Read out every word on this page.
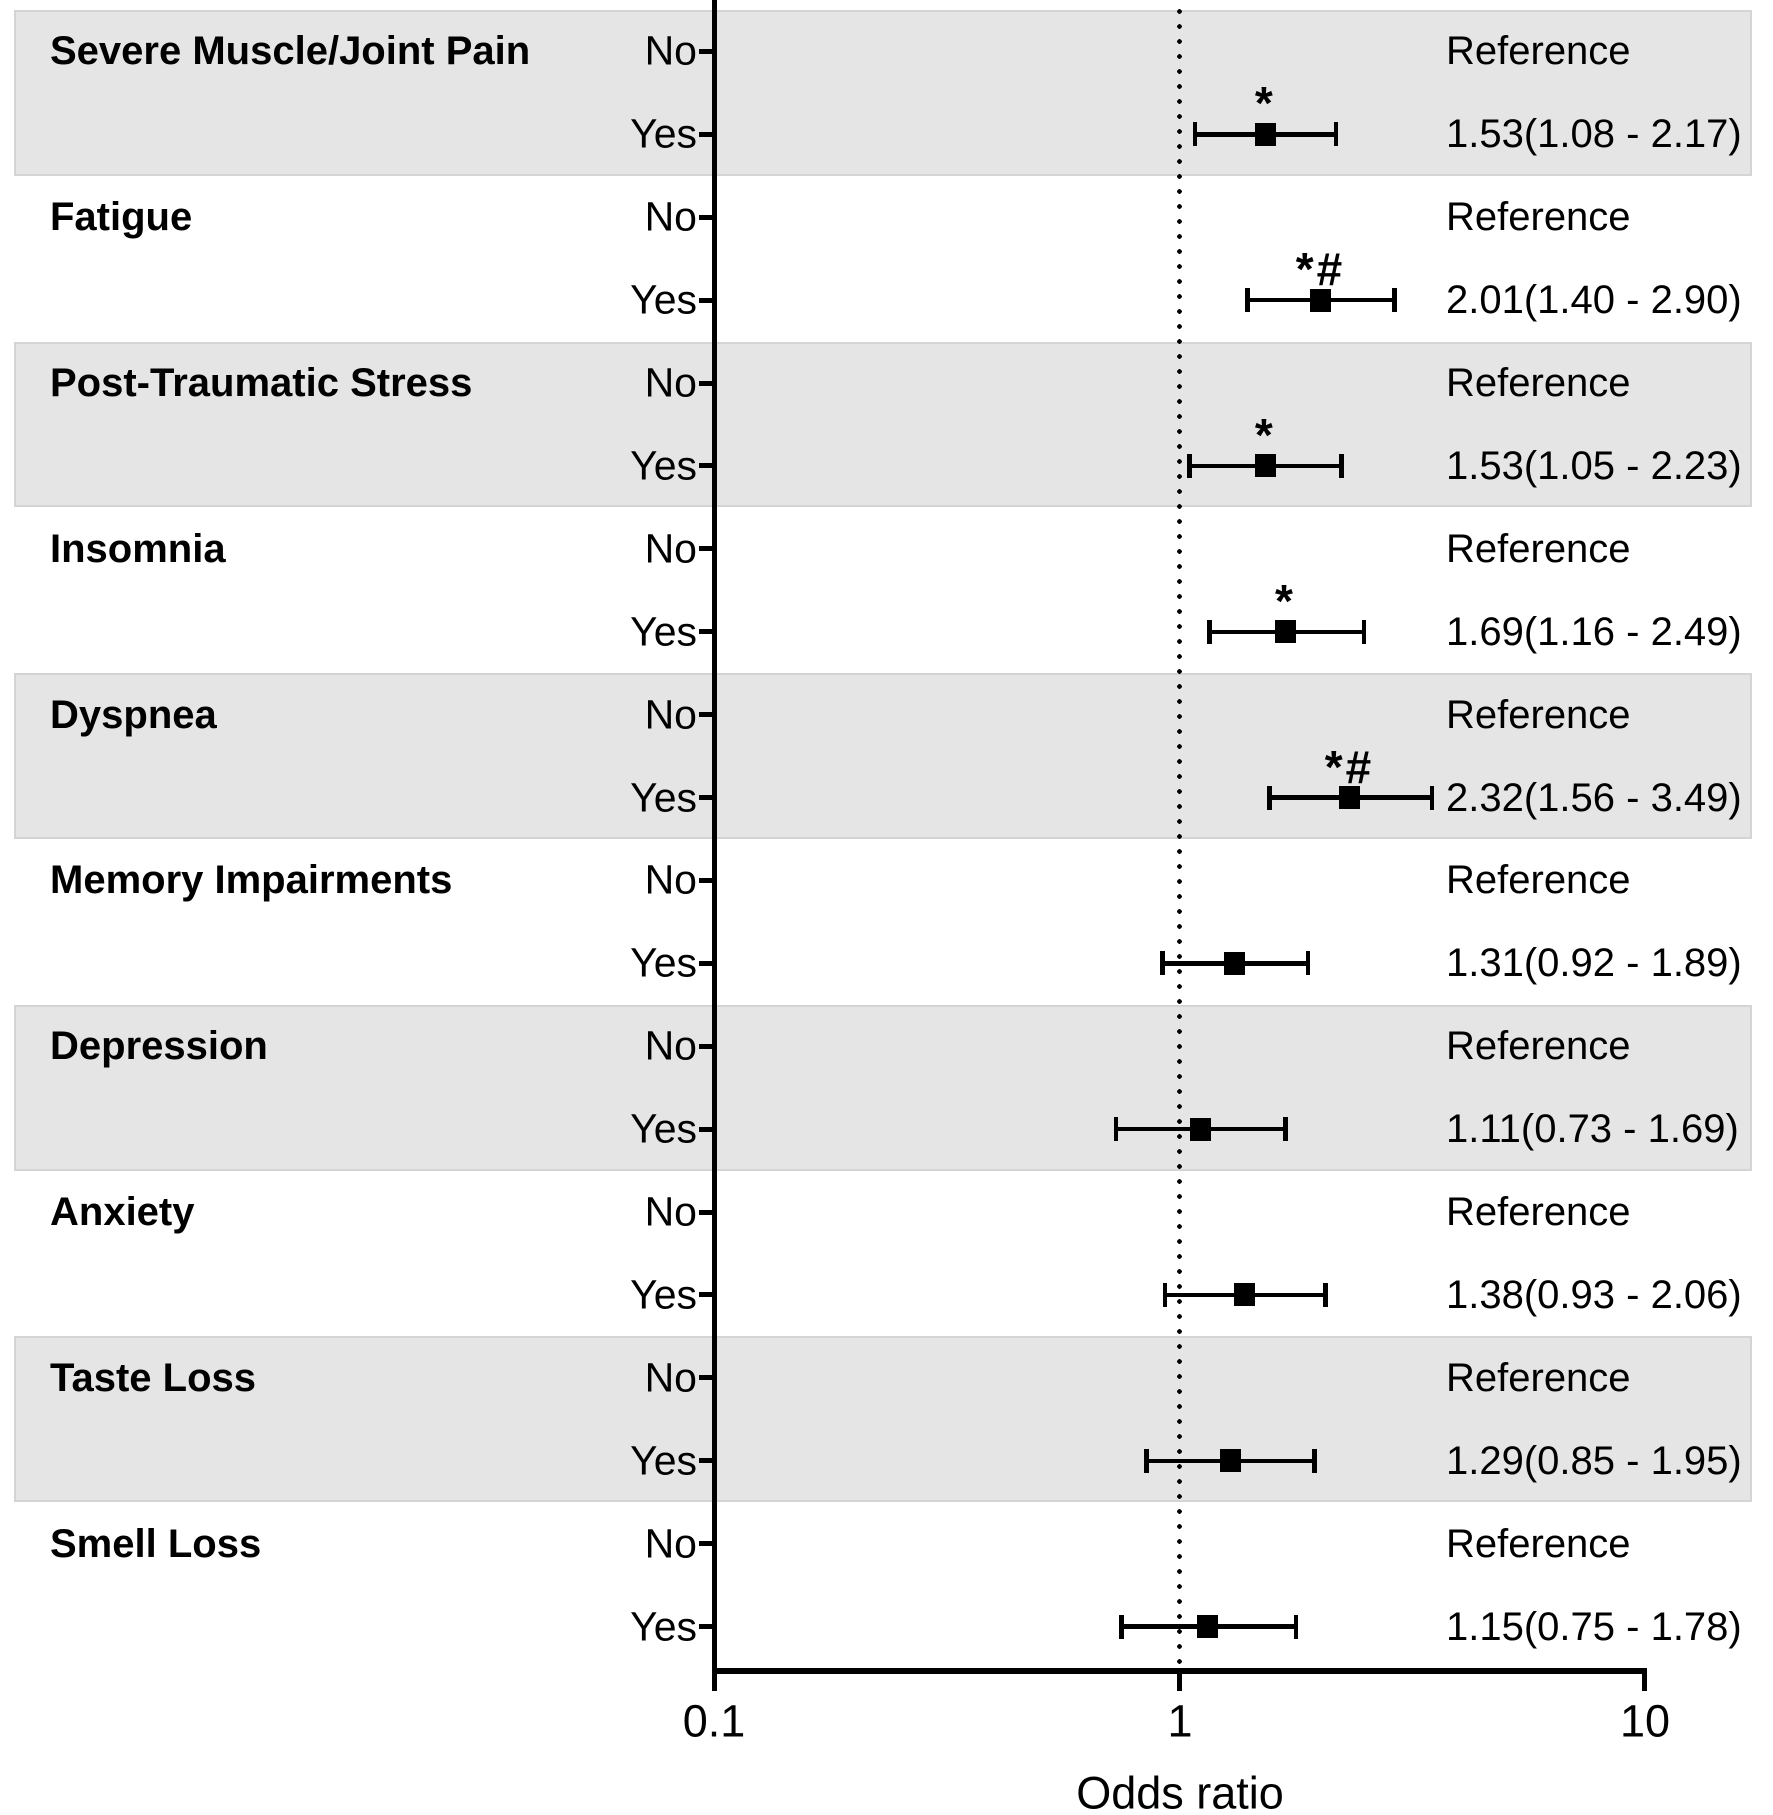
Severe Muscle/Joint Pain	No	Reference
Yes	1.53(1.08 - 2.17)
*
Fatigue	No	Reference
Yes	2.01(1.40 - 2.90)
*#
Post-Traumatic Stress	No	Reference
Yes	1.53(1.05 - 2.23)
*
Insomnia	No	Reference
Yes	1.69(1.16 - 2.49)
*
Dyspnea	No	Reference
Yes	2.32(1.56 - 3.49)
*#
Memory Impairments	No	Reference
Yes	1.31(0.92 - 1.89)
Depression	No	Reference
Yes	1.11(0.73 - 1.69)
Anxiety	No	Reference
Yes	1.38(0.93 - 2.06)
Taste Loss	No	Reference
Yes	1.29(0.85 - 1.95)
Smell Loss	No	Reference
Yes	1.15(0.75 - 1.78)
0.1	1	10
Odds ratio
